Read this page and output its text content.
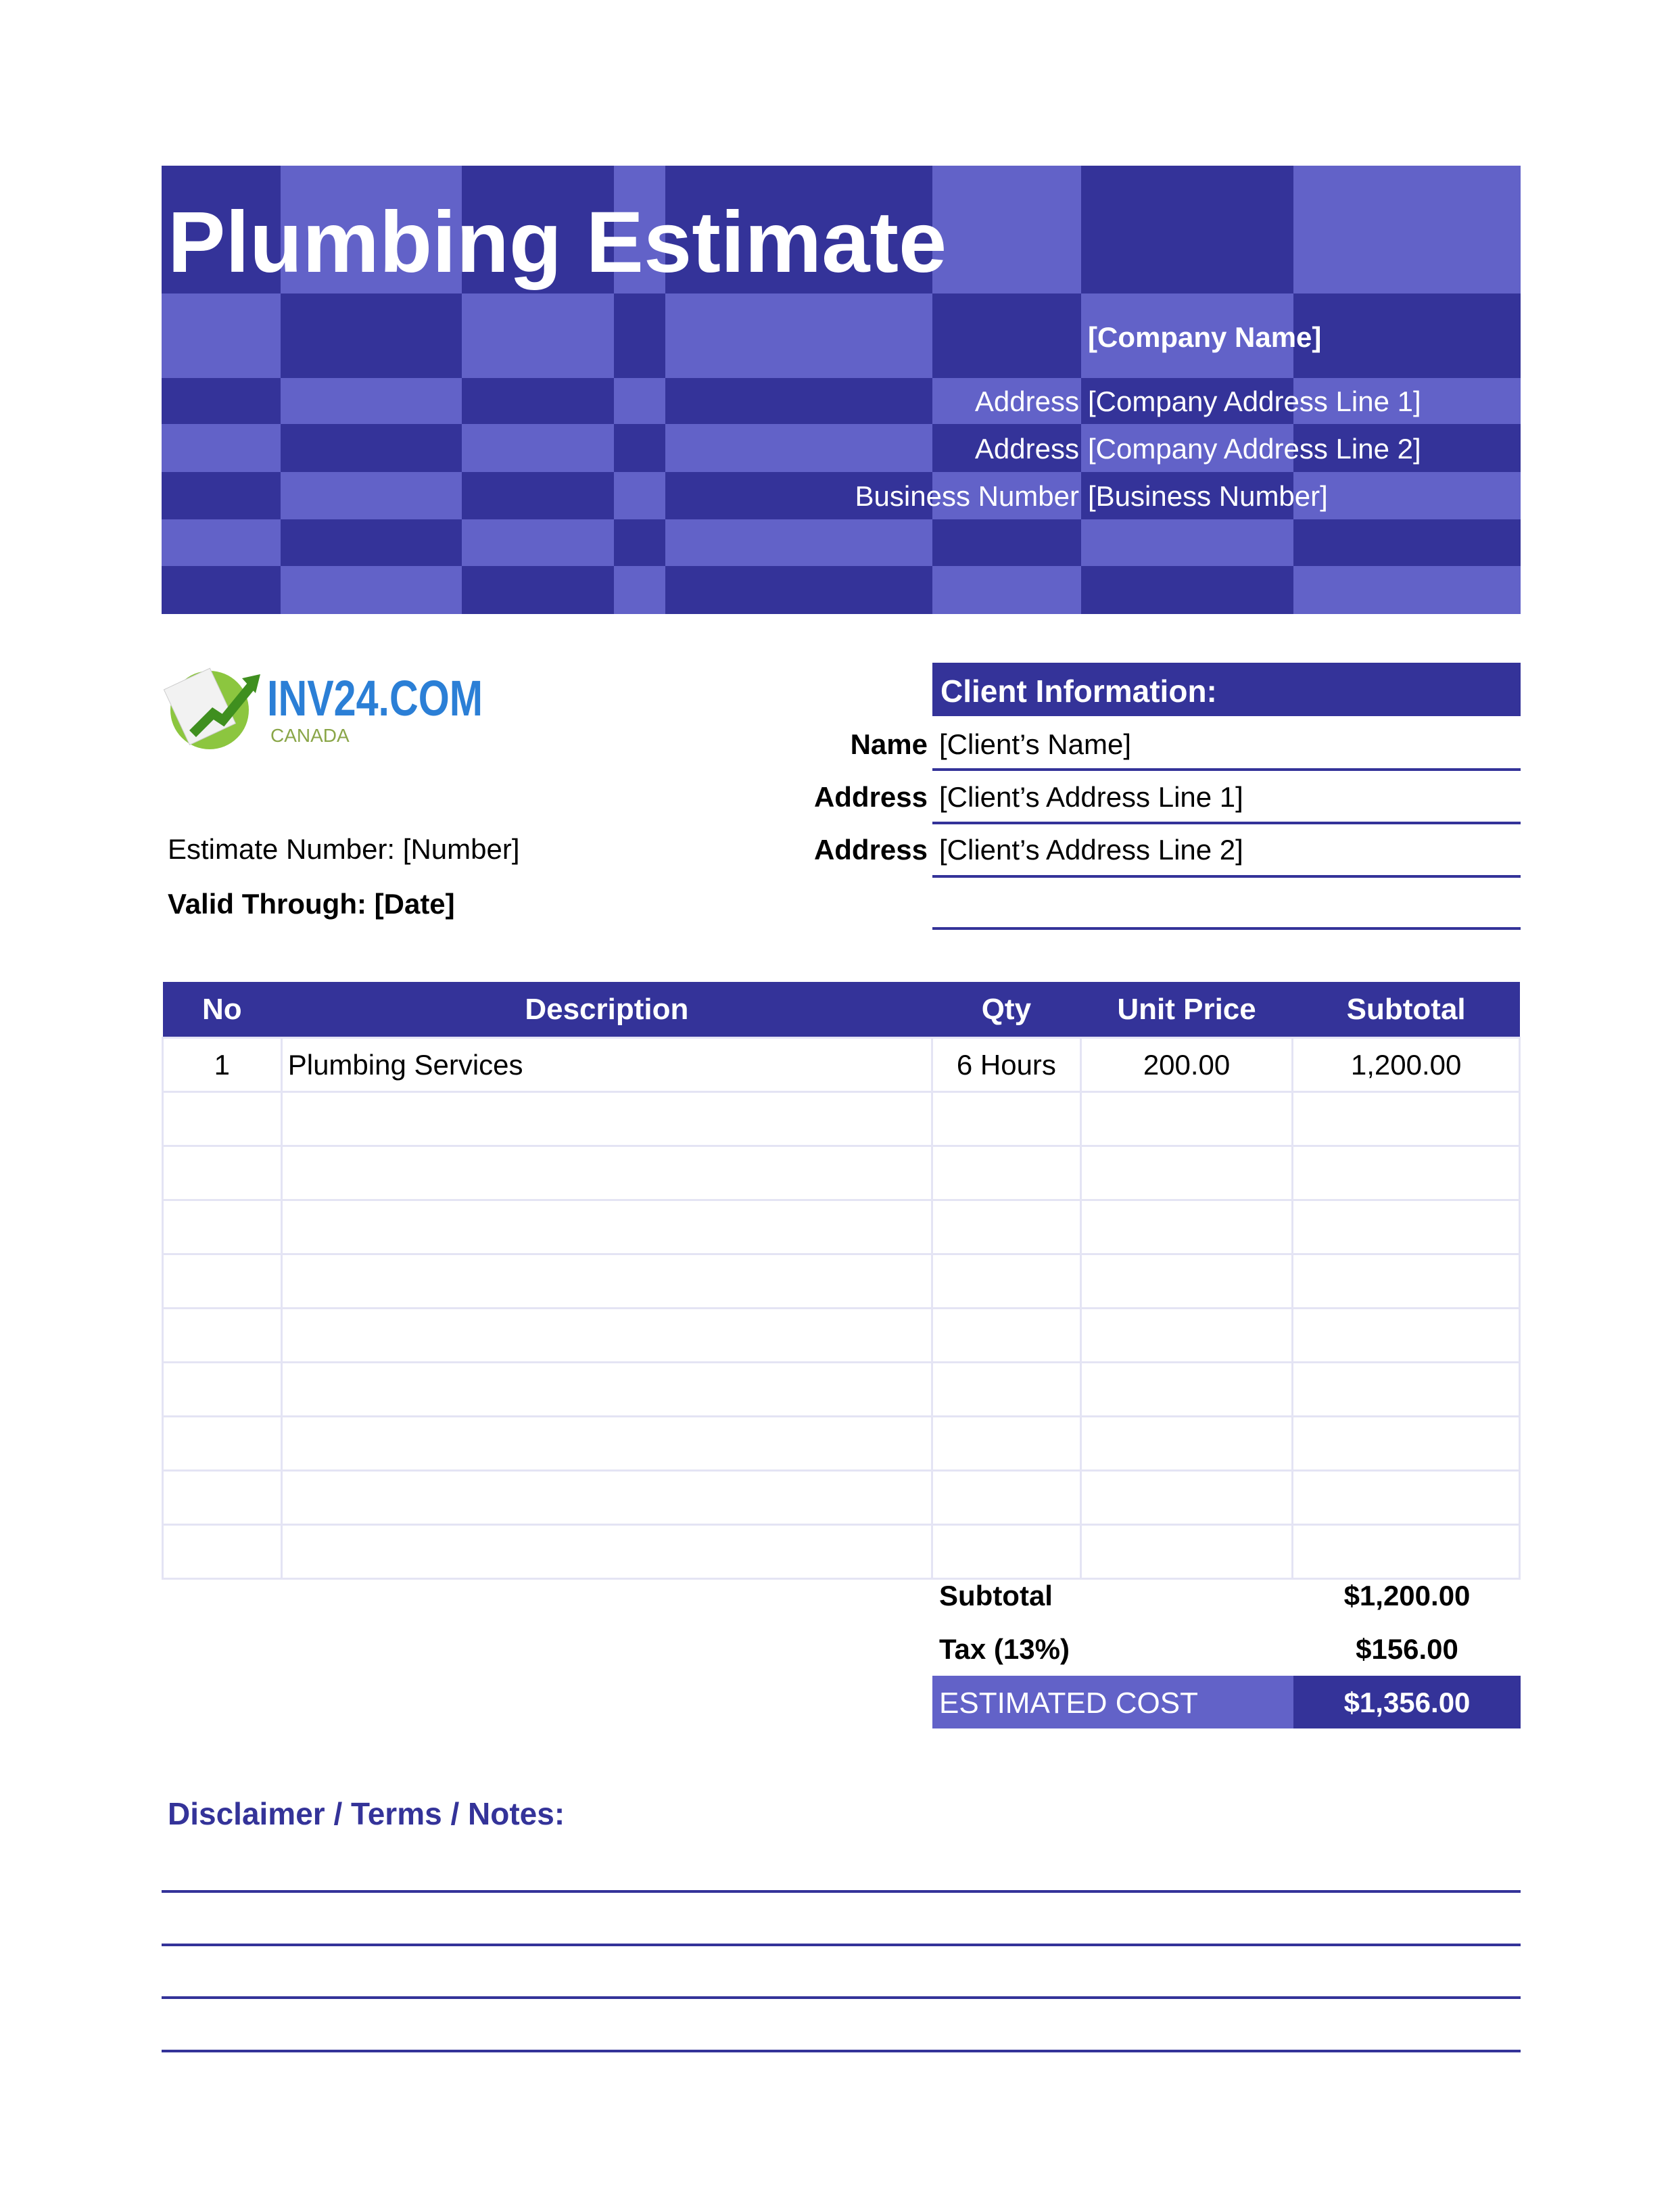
Plumbing Estimate
[Company Name]
Address [Company Address Line 1]
Address [Company Address Line 2]
Business Number [Business Number]
INV24.COM
CANADA
Estimate Number: [Number]
Valid Through: [Date]
Client Information:
Name [Client’s Name]
Address [Client’s Address Line 1]
Address [Client’s Address Line 2]
No	Description	Qty	Unit Price	Subtotal
1	Plumbing Services	6 Hours	200.00	1,200.00

Subtotal	$1,200.00
Tax (13%)	$156.00
ESTIMATED COST	$1,356.00
Disclaimer / Terms / Notes:
